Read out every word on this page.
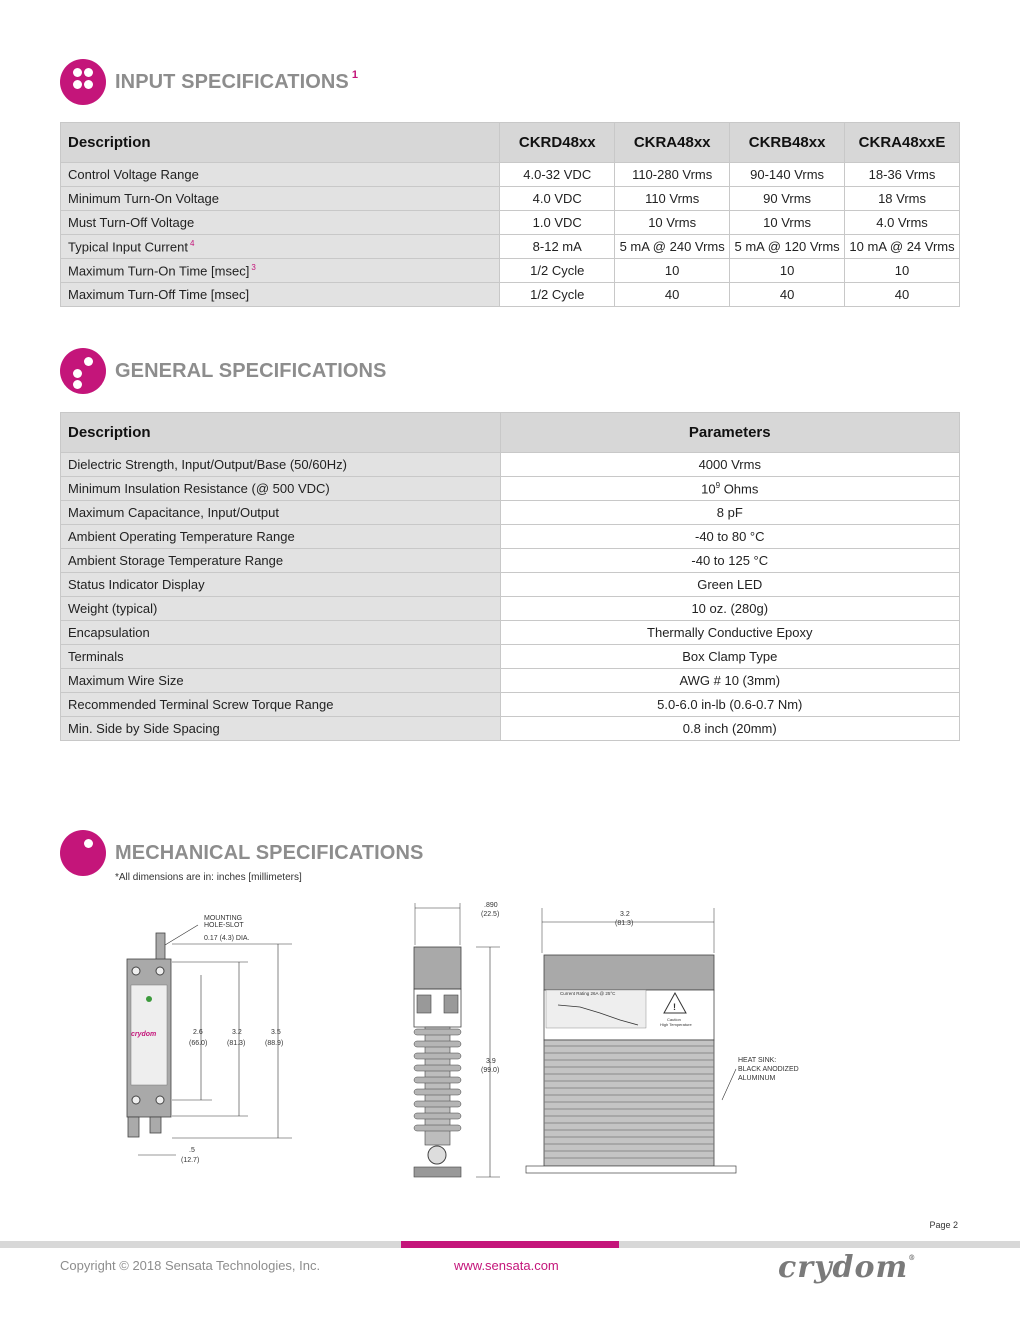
INPUT SPECIFICATIONS $^1$
Description	CKRD48xx	CKRA48xx	CKRB48xx	CKRA48xxE
Control Voltage Range	4.0-32 VDC	110-280 Vrms	90-140 Vrms	18-36 Vrms
Minimum Turn-On Voltage	4.0 VDC	110 Vrms	90 Vrms	18 Vrms
Must Turn-Off Voltage	1.0 VDC	10 Vrms	10 Vrms	4.0 Vrms
Typical Input Current $^4$	8-12 mA	5 mA @ 240 Vrms	5 mA @ 120 Vrms	10 mA @ 24 Vrms
Maximum Turn-On Time [msec] $^3$	1/2 Cycle	10	10	10
Maximum Turn-Off Time [msec]	1/2 Cycle	40	40	40
GENERAL SPECIFICATIONS
Description	Parameters
Dielectric Strength, Input/Output/Base (50/60Hz)	4000 Vrms
Minimum Insulation Resistance (@ 500 VDC)	$10^9$ Ohms
Maximum Capacitance, Input/Output	8 pF
Ambient Operating Temperature Range	-40 to 80 °C
Ambient Storage Temperature Range	-40 to 125 °C
Status Indicator Display	Green LED
Weight (typical)	10 oz. (280g)
Encapsulation	Thermally Conductive Epoxy
Terminals	Box Clamp Type
Maximum Wire Size	AWG # 10 (3mm)
Recommended Terminal Screw Torque Range	5.0-6.0 in-lb (0.6-0.7 Nm)
Min. Side by Side Spacing	0.8 inch (20mm)
MECHANICAL SPECIFICATIONS
*All dimensions are in: inches [millimeters]
crydom
MOUNTING
HOLE-SLOT
0.17 (4.3) DIA.
2.6
(66.0)
3.2
(81.3)
3.5
(88.9)
.5
(12.7)
.890
(22.5)
3.9
(99.0)
3.2
(81.3)
Current Rating 26A @ 25°C
!
Caution
High Temperature
HEAT SINK:
BLACK ANODIZED
ALUMINUM
Page 2
Copyright © 2018 Sensata Technologies, Inc.	www.sensata.com	crydom®
